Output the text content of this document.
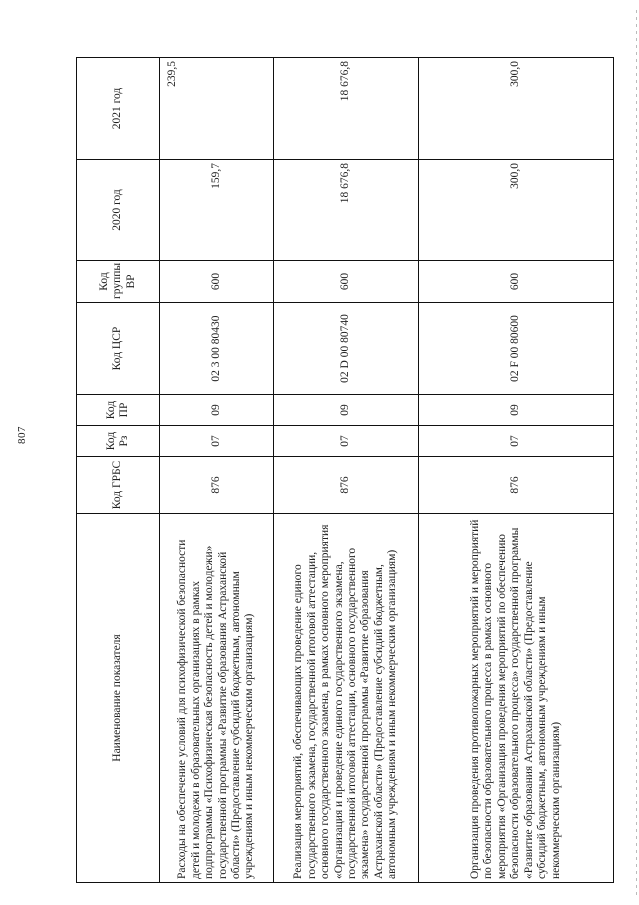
807
Наименование показателя	Код ГРБС	Код Рз	Код ПР	Код ЦСР	Код группы ВР	2020 год	2021 год
Расходы на обеспечение условий для психофизической безопасности детей и молодежи в образовательных организациях в рамках подпрограммы «Психофизическая безопасность детей и молодежи» государственной программы «Развитие образования Астраханской области» (Предоставление субсидий бюджетным, автономным учреждениям и иным некоммерческим организациям)	876	07	09	02 3 00 80430	600	159,7	239,5
Реализация мероприятий, обеспечивающих проведение единого государственного экзамена, государственной итоговой аттестации, основного государственного экзамена, в рамках основного мероприятия «Организация и проведение единого государственного экзамена, государственной итоговой аттестации, основного государственного экзамена» государственной программы «Развитие образования Астраханской области» (Предоставление субсидий бюджетным, автономным учреждениям и иным некоммерческим организациям)	876	07	09	02 D 00 80740	600	18 676,8	18 676,8
Организация проведения противопожарных мероприятий и мероприятий по безопасности образовательного процесса в рамках основного мероприятия «Организация проведения мероприятий по обеспечению безопасности образовательного процесса» государственной программы «Развитие образования Астраханской области» (Предоставление субсидий бюджетным, автономным учреждениям и иным некоммерческим организациям)	876	07	09	02 F 00 80600	600	300,0	300,0
